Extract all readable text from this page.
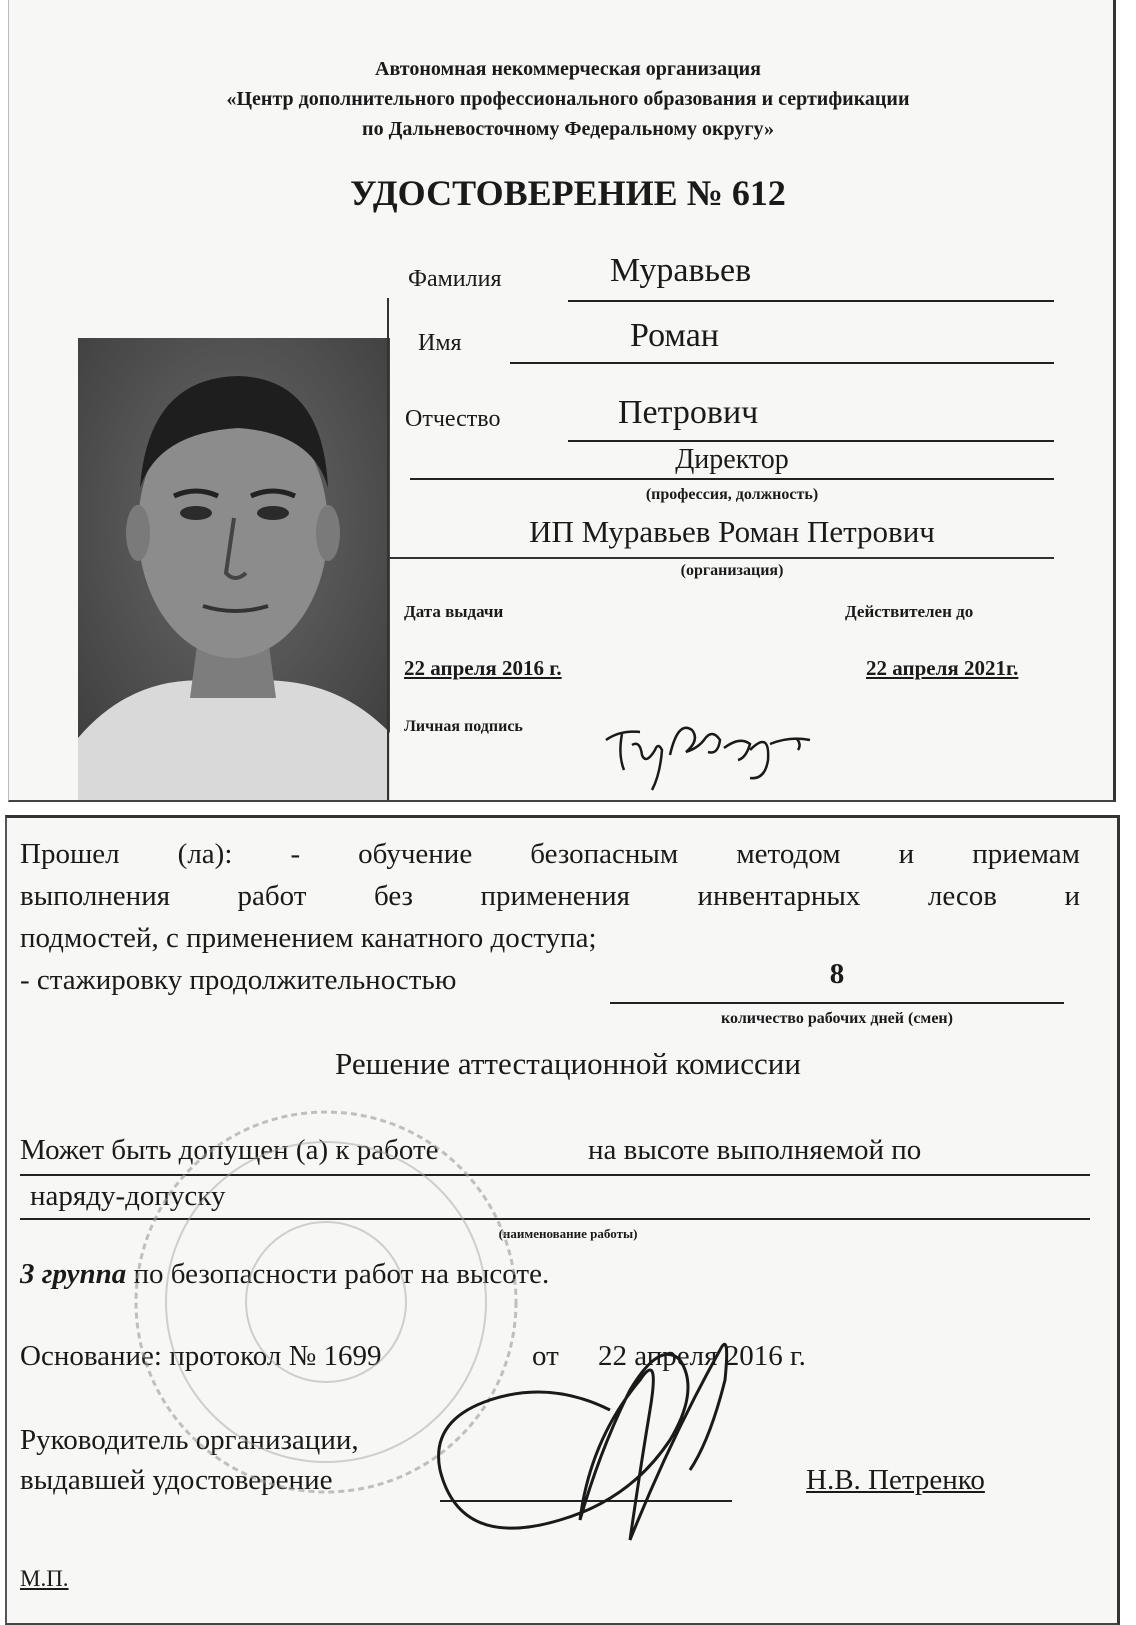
Автономная некоммерческая организация
«Центр дополнительного профессионального образования и сертификации
по Дальневосточному Федеральному округу»
УДОСТОВЕРЕНИЕ № 612
Фамилия	Муравьев
Имя	Роман
Отчество	Петрович
Директор
(профессия, должность)
ИП Муравьев Роман Петрович
(организация)
Дата выдачи	Действителен до
22 апреля 2016 г.	22 апреля 2021г.
Личная подпись
Прошел (ла): - обучение безопасным методом и приемам
выполнения работ без применения инвентарных лесов и
подмостей, с применением канатного доступа;
- стажировку продолжительностью	8
количество рабочих дней (смен)
Решение аттестационной комиссии
Может быть допущен (а) к работе	на высоте выполняемой по
наряду-допуску
(наименование работы)
3 группа по безопасности работ на высоте.
Основание: протокол № 1699	от 22 апреля 2016 г.
Руководитель организации,
выдавшей удостоверение	Н.В. Петренко
М.П.
